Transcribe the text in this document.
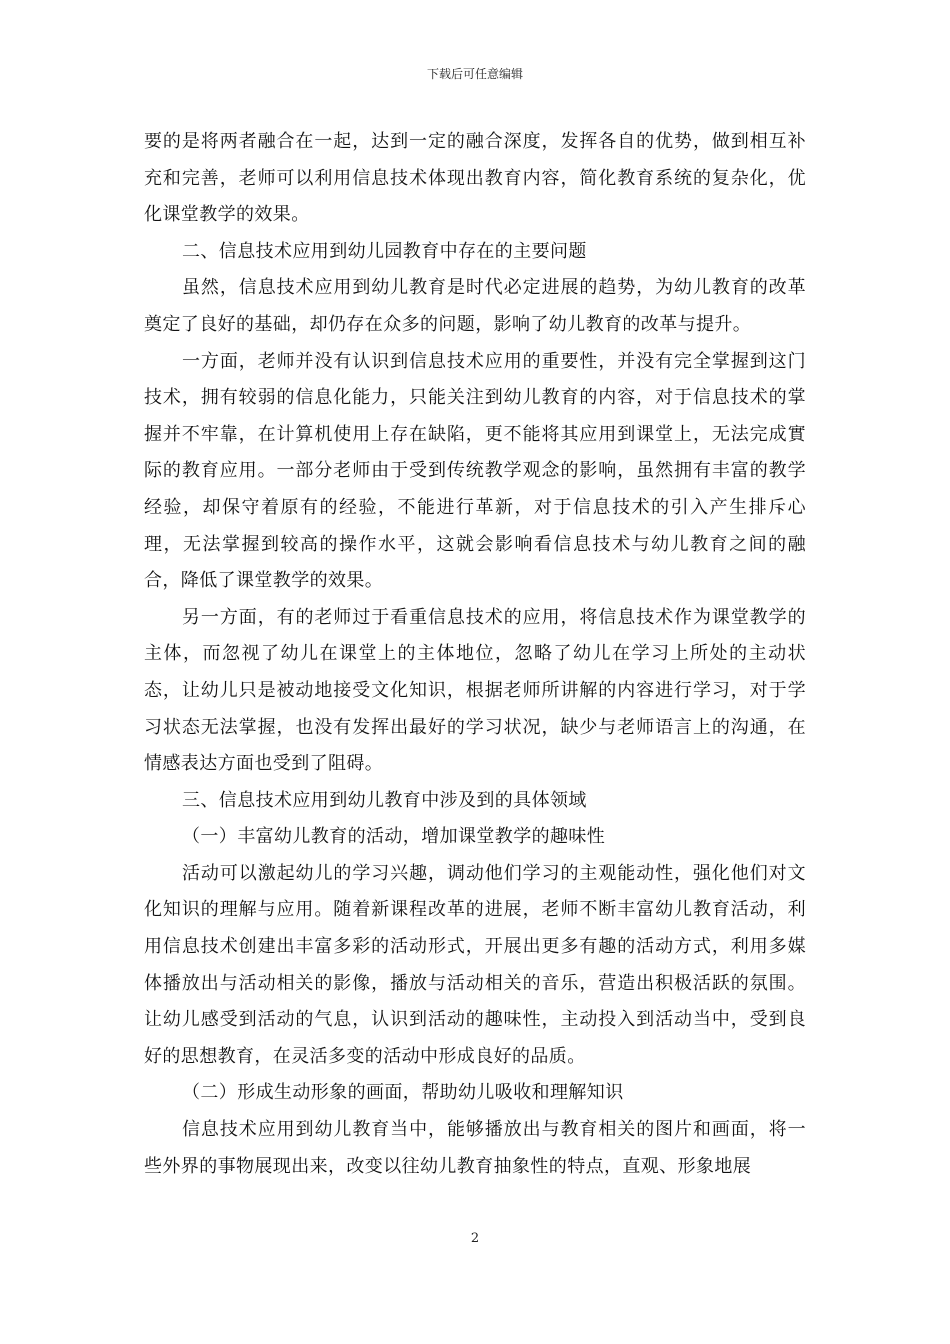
下载后可任意编辑

要的是将两者融合在一起，达到一定的融合深度，发挥各自的优势，做到相互补充和完善，老师可以利用信息技术体现出教育内容，简化教育系统的复杂化，优化课堂教学的效果。

二、信息技术应用到幼儿园教育中存在的主要问题

虽然，信息技术应用到幼儿教育是时代必定进展的趋势，为幼儿教育的改革奠定了良好的基础，却仍存在众多的问题，影响了幼儿教育的改革与提升。

一方面，老师并没有认识到信息技术应用的重要性，并没有完全掌握到这门技术，拥有较弱的信息化能力，只能关注到幼儿教育的内容，对于信息技术的掌握并不牢靠，在计算机使用上存在缺陷，更不能将其应用到课堂上，无法完成實际的教育应用。一部分老师由于受到传统教学观念的影响，虽然拥有丰富的教学经验，却保守着原有的经验，不能进行革新，对于信息技术的引入产生排斥心理，无法掌握到较高的操作水平，这就会影响看信息技术与幼儿教育之间的融合，降低了课堂教学的效果。

另一方面，有的老师过于看重信息技术的应用，将信息技术作为课堂教学的主体，而忽视了幼儿在课堂上的主体地位，忽略了幼儿在学习上所处的主动状态，让幼儿只是被动地接受文化知识，根据老师所讲解的内容进行学习，对于学习状态无法掌握，也没有发挥出最好的学习状况，缺少与老师语言上的沟通，在情感表达方面也受到了阻碍。

三、信息技术应用到幼儿教育中涉及到的具体领域

（一）丰富幼儿教育的活动，增加课堂教学的趣味性

活动可以激起幼儿的学习兴趣，调动他们学习的主观能动性，强化他们对文化知识的理解与应用。随着新课程改革的进展，老师不断丰富幼儿教育活动，利用信息技术创建出丰富多彩的活动形式，开展出更多有趣的活动方式，利用多媒体播放出与活动相关的影像，播放与活动相关的音乐，营造出积极活跃的氛围。让幼儿感受到活动的气息，认识到活动的趣味性，主动投入到活动当中，受到良好的思想教育，在灵活多变的活动中形成良好的品质。

（二）形成生动形象的画面，帮助幼儿吸收和理解知识

信息技术应用到幼儿教育当中，能够播放出与教育相关的图片和画面，将一些外界的事物展现出来，改变以往幼儿教育抽象性的特点，直观、形象地展

2
